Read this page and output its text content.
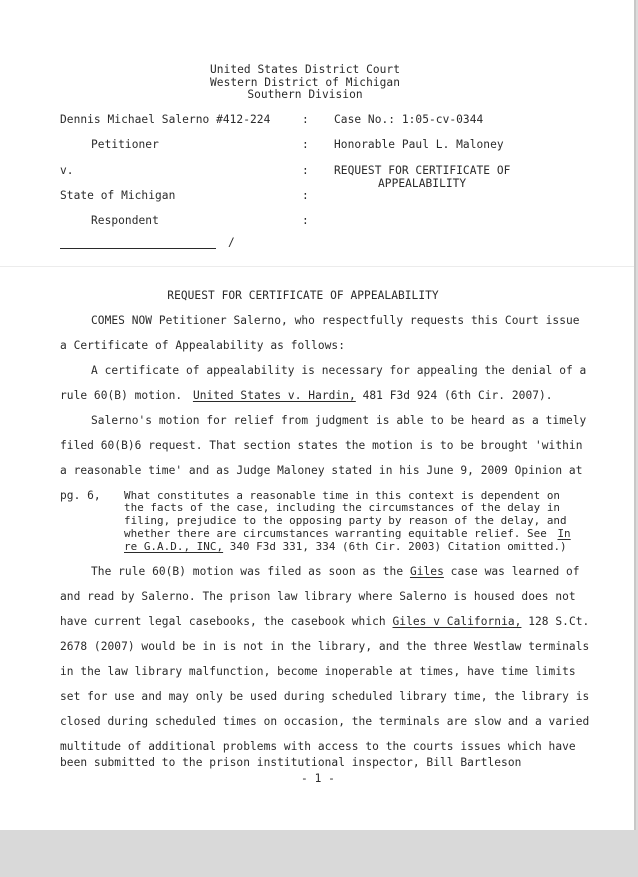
United States District Court
Western District of Michigan
Southern Division
Dennis Michael Salerno #412-224
Petitioner
v.
State of Michigan
Respondent
:
:
:
:
:
Case No.: 1:05-cv-0344
Honorable Paul L. Maloney
REQUEST FOR CERTIFICATE OF
APPEALABILITY
/
REQUEST FOR CERTIFICATE OF APPEALABILITY
COMES NOW Petitioner Salerno, who respectfully requests this Court issue
a Certificate of Appealability as follows:
A certificate of appealability is necessary for appealing the denial of a
rule 60(B) motion. United States v. Hardin, 481 F3d 924 (6th Cir. 2007).
Salerno's motion for relief from judgment is able to be heard as a timely
filed 60(B)6 request. That section states the motion is to be brought 'within
a reasonable time' and as Judge Maloney stated in his June 9, 2009 Opinion at
pg. 6, What constitutes a reasonable time in this context is dependent on
the facts of the case, including the circumstances of the delay in
filing, prejudice to the opposing party by reason of the delay, and
whether there are circumstances warranting equitable relief. See In
re G.A.D., INC, 340 F3d 331, 334 (6th Cir. 2003) Citation omitted.)
The rule 60(B) motion was filed as soon as the Giles case was learned of
and read by Salerno. The prison law library where Salerno is housed does not
have current legal casebooks, the casebook which Giles v California, 128 S.Ct.
2678 (2007) would be in is not in the library, and the three Westlaw terminals
in the law library malfunction, become inoperable at times, have time limits
set for use and may only be used during scheduled library time, the library is
closed during scheduled times on occasion, the terminals are slow and a varied
multitude of additional problems with access to the courts issues which have
been submitted to the prison institutional inspector, Bill Bartleson
- 1 -
